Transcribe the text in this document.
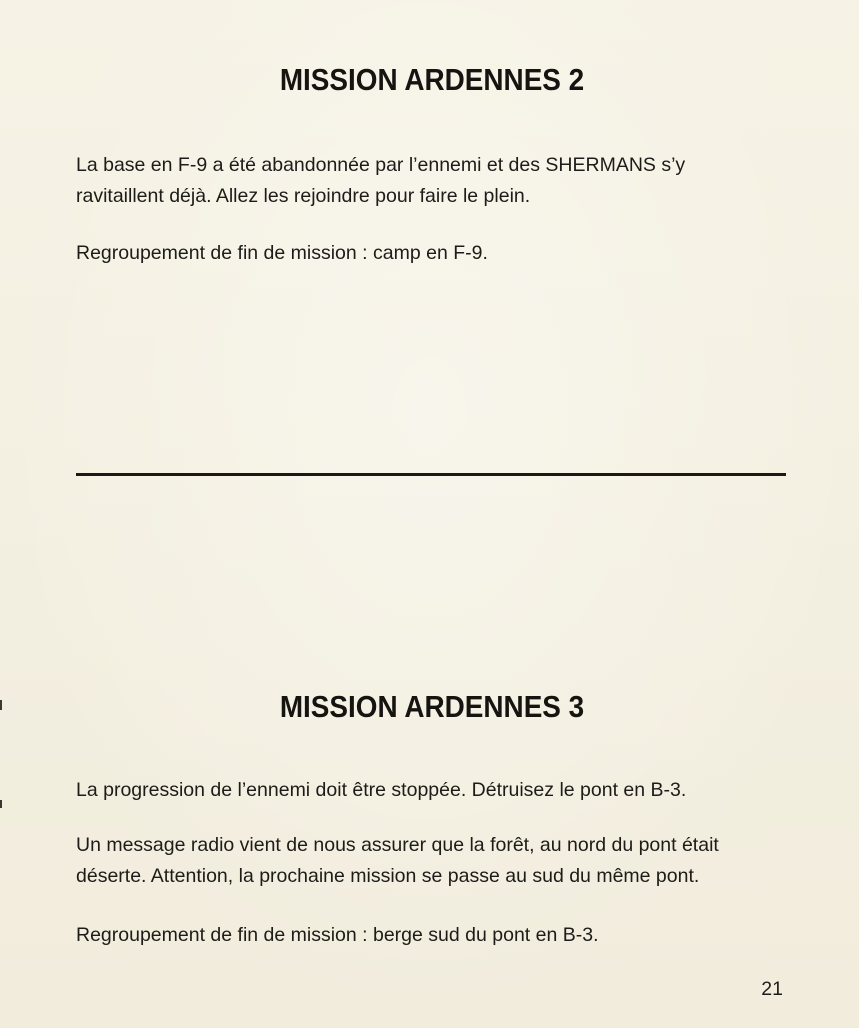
MISSION ARDENNES 2

La base en F-9 a été abandonnée par l’ennemi et des SHERMANS s’y

ravitaillent déjà. Allez les rejoindre pour faire le plein.

Regroupement de fin de mission : camp en F-9.

MISSION ARDENNES 3

La progression de l’ennemi doit être stoppée. Détruisez le pont en B-3.

Un message radio vient de nous assurer que la forêt, au nord du pont était

déserte. Attention, la prochaine mission se passe au sud du même pont.

Regroupement de fin de mission : berge sud du pont en B-3.

21
